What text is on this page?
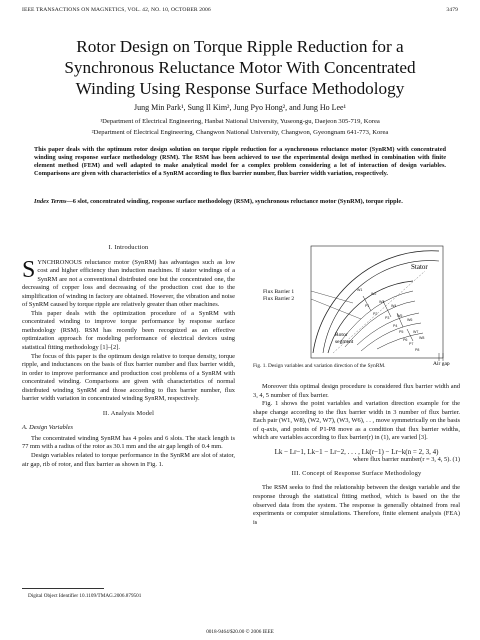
IEEE TRANSACTIONS ON MAGNETICS, VOL. 42, NO. 10, OCTOBER 2006	3479
Rotor Design on Torque Ripple Reduction for a
Synchronous Reluctance Motor With Concentrated
Winding Using Response Surface Methodology
Jung Min Park¹, Sung Il Kim², Jung Pyo Hong², and Jung Ho Lee¹
¹Department of Electrical Engineering, Hanbat National University, Yuseong-gu, Daejeon 305-719, Korea
²Department of Electrical Engineering, Changwon National University, Changwon, Gyeongnam 641-773, Korea
This paper deals with the optimum rotor design solution on torque ripple reduction for a synchronous reluctance motor (SynRM) with concentrated winding using response surface methodology (RSM). The RSM has been achieved to use the experimental design method in combination with finite element method (FEM) and well adapted to make analytical model for a complex problem considering a lot of interaction of design variables. Comparisons are given with characteristics of a SynRM according to flux barrier number, flux barrier width variation, respectively.
Index Terms—6 slot, concentrated winding, response surface methodology (RSM), synchronous reluctance motor (SynRM), torque ripple.
I. Introduction

SYNCHRONOUS reluctance motor (SynRM) has advantages such as low cost and higher efficiency than induction machines. If stator windings of a SynRM are not a conventional distributed one but the concentrated one, the decreasing of copper loss and decreasing of the production cost due to the simplification of winding in factory are obtained. However, the vibration and noise of SynRM caused by torque ripple are relatively greater than other machines.

This paper deals with the optimization procedure of a SynRM with concentrated winding to improve torque performance by response surface methodology (RSM). RSM has recently been recognized as an effective optimization approach for modeling performance of electrical devices using statistical fitting methodology [1]–[2].

The focus of this paper is the optimum design relative to torque density, torque ripple, and inductances on the basis of flux barrier number and flux barrier width, in order to improve performance and production cost problems of a SynRM with concentrated winding. Comparisons are given with characteristics of normal distributed winding SynRM and those according to flux barrier number, flux barrier width variation in concentrated winding SynRM, respectively.

II. Analysis Model
A. Design Variables

The concentrated winding SynRM has 4 poles and 6 slots. The stack length is 77 mm with a radius of the rotor as 30.1 mm and the air gap length of 0.4 mm.

Design variables related to torque performance in the SynRM are slot of stator, air gap, rib of rotor, and flux barrier as shown in Fig. 1.

Stator
Flux Barrier 1
Flux Barrier 2
Rotor
segment
Air gap
W1
W2
W3
W4
W5
W6
W7
W8
P1
P2
P3
P4
P5
P6
P7
P8
Fig. 1. Design variables and variation direction of the SynRM.

Moreover this optimal design procedure is considered flux barrier width and 3, 4, 5 number of flux barrier.

Fig. 1 shows the point variables and variation direction example for the shape change according to the flux barrier width in 3 number of flux barrier. Each pair (W1, W8), (W2, W7), (W3, W6), . . , move symmetrically on the basis of q-axis, and points of P1-P8 move as a condition that flux barrier widths, which are variables according to flux barrier(r) in (1), are varied [3].

Lk − Lr−1, Lk−1 − Lr−2, . . . , Lk(r−1) − Lr−k(n = 2, 3, 4)
where flux barrier number(r = 3, 4, 5). (1)
III. Concept of Response Surface Methodology

The RSM seeks to find the relationship between the design variable and the response through the statistical fitting method, which is based on the the observed data from the system. The response is generally obtained from real experiments or computer simulations. Therefore, finite element analysis (FEA) is

Digital Object Identifier 10.1109/TMAG.2006.879501
0018-9464/$20.00 © 2006 IEEE
